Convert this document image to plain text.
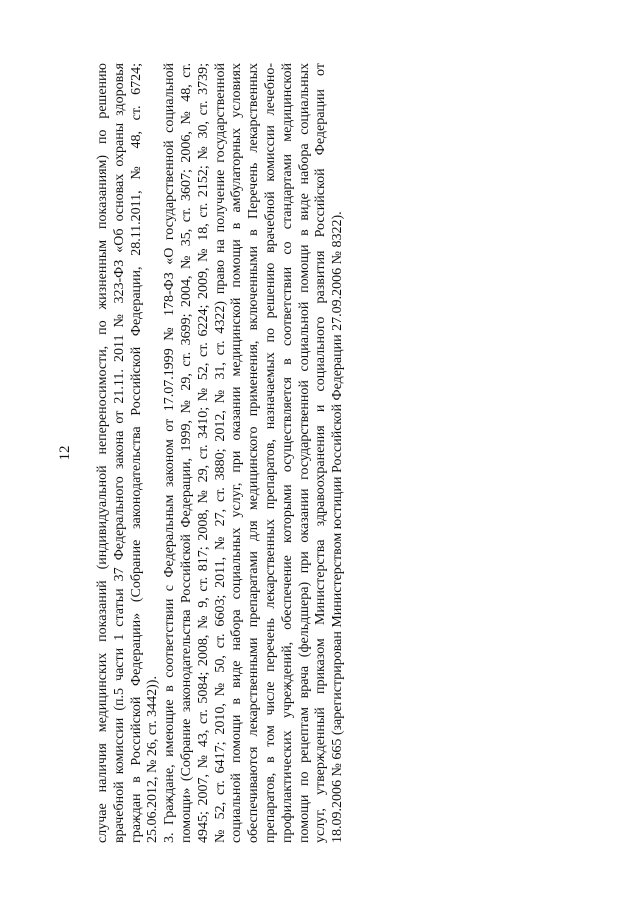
12 случае наличия медицинских показаний (индивидуальной непереносимости, по жизненным показаниям) по решению врачебной комиссии (п.5 части 1 статьи 37 Федерального закона от 21.11. 2011 № 323-ФЗ «Об основах охраны здоровья граждан в Российской Федерации» (Собрание законодательства Российской Федерации, 28.11.2011, № 48, ст. 6724; 25.06.2012, № 26, ст. 3442)). 3. Граждане, имеющие в соответствии с Федеральным законом от 17.07.1999 № 178-ФЗ «О государственной социальной помощи» (Собрание законодательства Российской Федерации, 1999, № 29, ст. 3699; 2004, № 35, ст. 3607; 2006, № 48, ст. 4945; 2007, № 43, ст. 5084; 2008, № 9, ст. 817; 2008, № 29, ст. 3410; № 52, ст. 6224; 2009, № 18, ст. 2152; № 30, ст. 3739; № 52, ст. 6417; 2010, № 50, ст. 6603; 2011, № 27, ст. 3880; 2012, № 31, ст. 4322) право на получение государственной социальной помощи в виде набора социальных услуг, при оказании медицинской помощи в амбулаторных условиях обеспечиваются лекарственными препаратами для медицинского применения, включенными в Перечень лекарственных препаратов, в том числе перечень лекарственных препаратов, назначаемых по решению врачебной комиссии лечебно- профилактических учреждений, обеспечение которыми осуществляется в соответствии со стандартами медицинской помощи по рецептам врача (фельдшера) при оказании государственной социальной помощи в виде набора социальных услуг, утвержденный приказом Министерства здравоохранения и социального развития Российской Федерации от 18.09.2006 № 665 (зарегистрирован Министерством юстиции Российской Федерации 27.09.2006 № 8322).
